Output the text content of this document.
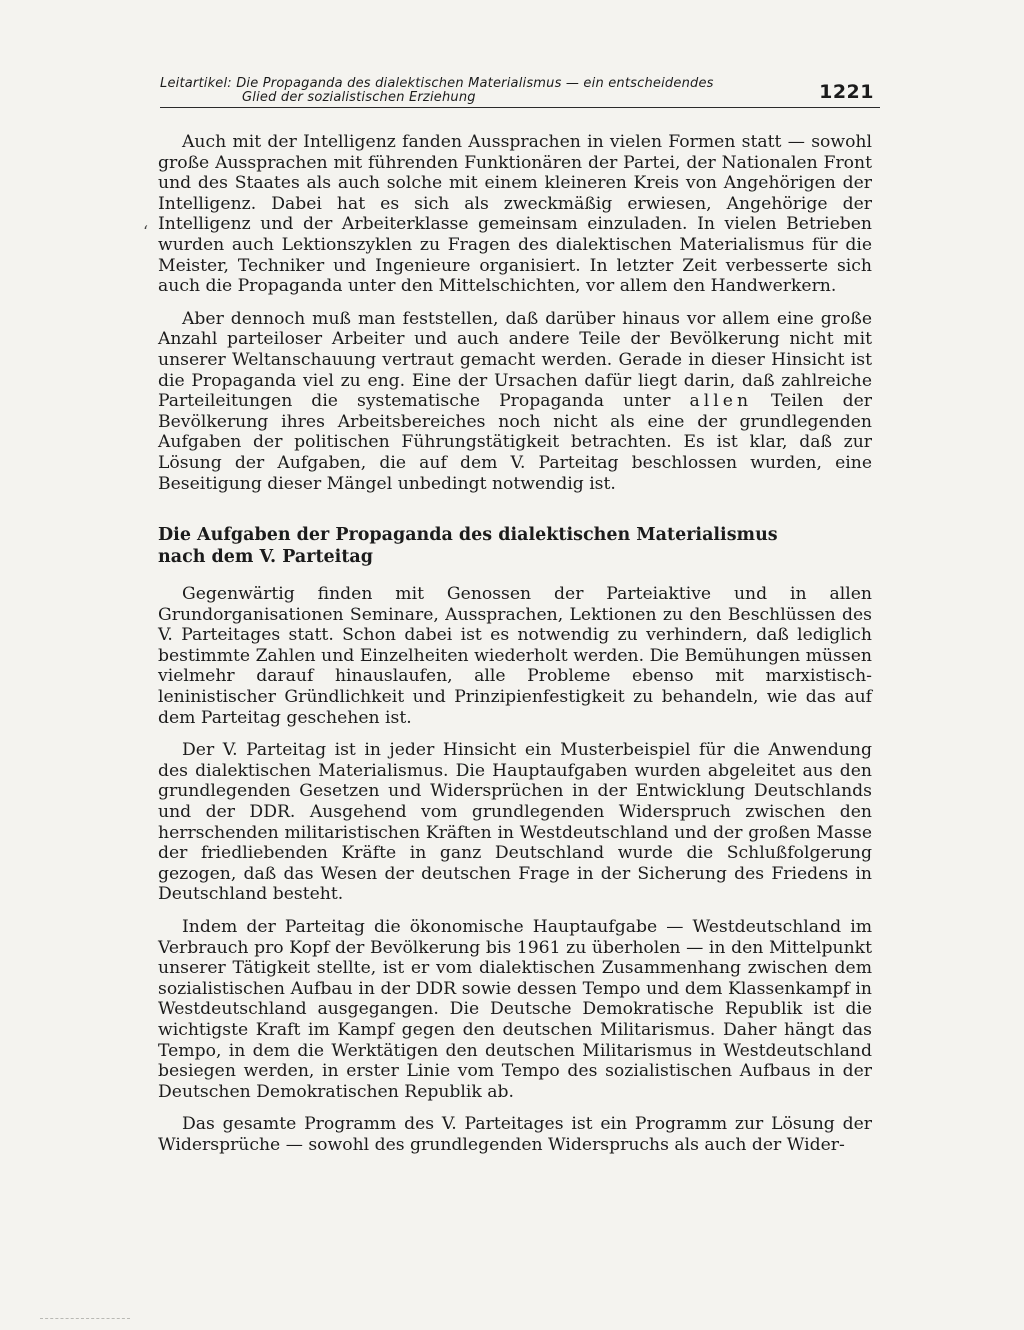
Leitartikel: Die Propaganda des dialektischen Materialismus — ein entscheidendes
Glied der sozialistischen Erziehung	1221
‘

Auch mit der Intelligenz fanden Aussprachen in vielen Formen statt — sowohl große Aussprachen mit führenden Funktionären der Partei, der Nationalen Front und des Staates als auch solche mit einem kleineren Kreis von Angehörigen der Intelligenz. Dabei hat es sich als zweckmäßig erwiesen, Angehörige der Intelligenz und der Arbeiterklasse gemeinsam einzuladen. In vielen Betrieben wurden auch Lektionszyklen zu Fragen des dialektischen Materialismus für die Meister, Techniker und Ingenieure organisiert. In letzter Zeit verbesserte sich auch die Propaganda unter den Mittelschichten, vor allem den Handwerkern.

Aber dennoch muß man feststellen, daß darüber hinaus vor allem eine große Anzahl parteiloser Arbeiter und auch andere Teile der Bevölkerung nicht mit unserer Weltanschauung vertraut gemacht werden. Gerade in dieser Hinsicht ist die Propaganda viel zu eng. Eine der Ursachen dafür liegt darin, daß zahlreiche Parteileitungen die systematische Propaganda unter allen Teilen der Bevölkerung ihres Arbeitsbereiches noch nicht als eine der grundlegenden Aufgaben der politischen Führungstätigkeit betrachten. Es ist klar, daß zur Lösung der Aufgaben, die auf dem V. Parteitag beschlossen wurden, eine Beseitigung dieser Mängel unbedingt notwendig ist.

Die Aufgaben der Propaganda des dialektischen Materialismus
nach dem V. Parteitag

Gegenwärtig finden mit Genossen der Parteiaktive und in allen Grundorganisationen Seminare, Aussprachen, Lektionen zu den Beschlüssen des V. Parteitages statt. Schon dabei ist es notwendig zu verhindern, daß lediglich bestimmte Zahlen und Einzelheiten wiederholt werden. Die Bemühungen müssen vielmehr darauf hinauslaufen, alle Probleme ebenso mit marxistisch-leninistischer Gründlichkeit und Prinzipienfestigkeit zu behandeln, wie das auf dem Parteitag geschehen ist.

Der V. Parteitag ist in jeder Hinsicht ein Musterbeispiel für die Anwendung des dialektischen Materialismus. Die Hauptaufgaben wurden abgeleitet aus den grundlegenden Gesetzen und Widersprüchen in der Entwicklung Deutschlands und der DDR. Ausgehend vom grundlegenden Widerspruch zwischen den herrschenden militaristischen Kräften in Westdeutschland und der großen Masse der friedliebenden Kräfte in ganz Deutschland wurde die Schlußfolgerung gezogen, daß das Wesen der deutschen Frage in der Sicherung des Friedens in Deutschland besteht.

Indem der Parteitag die ökonomische Hauptaufgabe — Westdeutschland im Verbrauch pro Kopf der Bevölkerung bis 1961 zu überholen — in den Mittelpunkt unserer Tätigkeit stellte, ist er vom dialektischen Zusammenhang zwischen dem sozialistischen Aufbau in der DDR sowie dessen Tempo und dem Klassenkampf in Westdeutschland ausgegangen. Die Deutsche Demokratische Republik ist die wichtigste Kraft im Kampf gegen den deutschen Militarismus. Daher hängt das Tempo, in dem die Werktätigen den deutschen Militarismus in Westdeutschland besiegen werden, in erster Linie vom Tempo des sozialistischen Aufbaus in der Deutschen Demokratischen Republik ab.

Das gesamte Programm des V. Parteitages ist ein Programm zur Lösung der Widersprüche — sowohl des grundlegenden Widerspruchs als auch der Wider-
